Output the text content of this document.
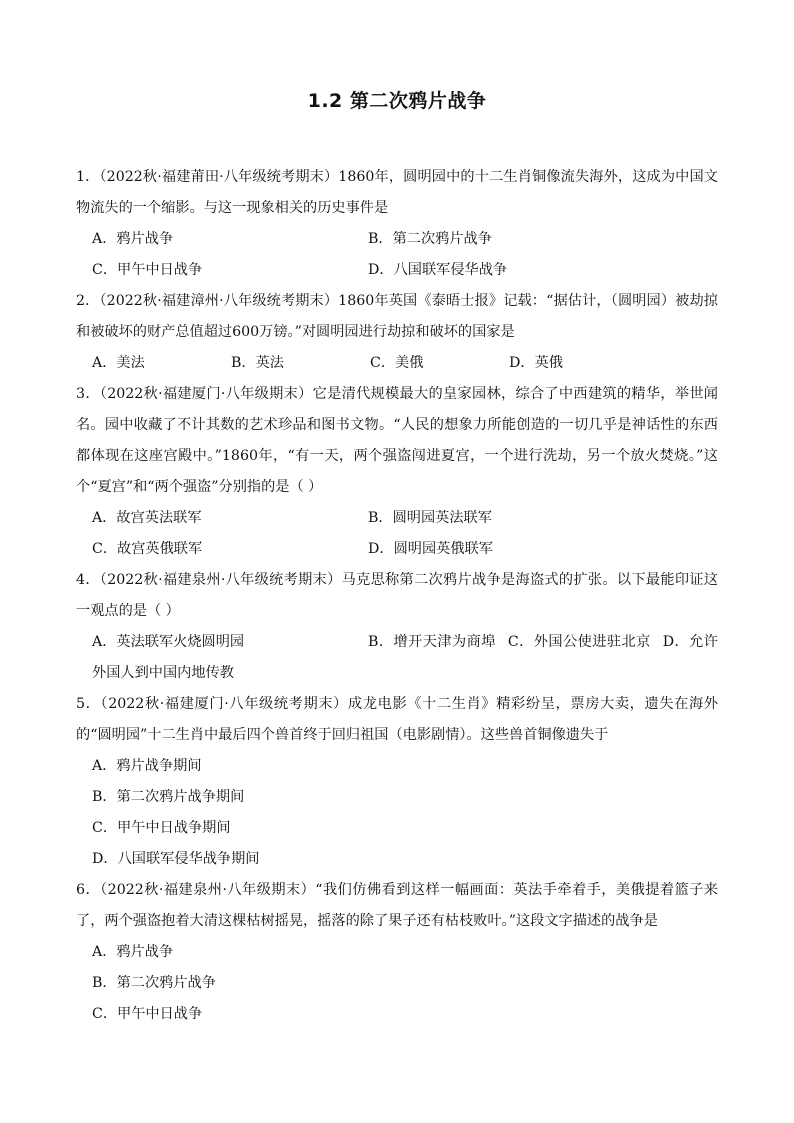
1.2 第二次鸦片战争
1．（2022秋·福建莆田·八年级统考期末）1860年，圆明园中的十二生肖铜像流失海外，这成为中国文物流失的一个缩影。与这一现象相关的历史事件是
A．鸦片战争	B．第二次鸦片战争
C．甲午中日战争	D．八国联军侵华战争
2．（2022秋·福建漳州·八年级统考期末）1860年英国《泰晤士报》记载：“据估计，（圆明园）被劫掠和被破坏的财产总值超过600万镑。”对圆明园进行劫掠和破坏的国家是
A．美法	B．英法	C．美俄	D．英俄
3．（2022秋·福建厦门·八年级期末）它是清代规模最大的皇家园林，综合了中西建筑的精华，举世闻名。园中收藏了不计其数的艺术珍品和图书文物。“人民的想象力所能创造的一切几乎是神话性的东西都体现在这座宫殿中。”1860年，“有一天，两个强盗闯进夏宫，一个进行洗劫，另一个放火焚烧。”这个“夏宫”和“两个强盗”分别指的是（ ）
A．故宫英法联军	B．圆明园英法联军
C．故宫英俄联军	D．圆明园英俄联军
4．（2022秋·福建泉州·八年级统考期末）马克思称第二次鸦片战争是海盗式的扩张。以下最能印证这一观点的是（ ）
A．英法联军火烧圆明园	B．增开天津为商埠 C．外国公使进驻北京 D．允许外国人到中国内地传教
5．（2022秋·福建厦门·八年级统考期末）成龙电影《十二生肖》精彩纷呈，票房大卖，遗失在海外的“圆明园”十二生肖中最后四个兽首终于回归祖国（电影剧情）。这些兽首铜像遗失于
A．鸦片战争期间
B．第二次鸦片战争期间
C．甲午中日战争期间
D．八国联军侵华战争期间
6．（2022秋·福建泉州·八年级期末）“我们仿佛看到这样一幅画面：英法手牵着手，美俄提着篮子来了，两个强盗抱着大清这棵枯树摇晃，摇落的除了果子还有枯枝败叶。”这段文字描述的战争是
A．鸦片战争
B．第二次鸦片战争
C．甲午中日战争
